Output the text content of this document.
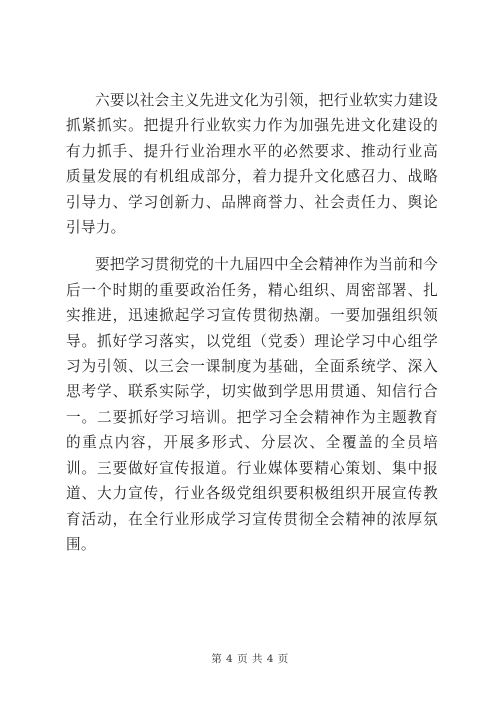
六要以社会主义先进文化为引领，把行业软实力建设抓紧抓实。把提升行业软实力作为加强先进文化建设的有力抓手、提升行业治理水平的必然要求、推动行业高质量发展的有机组成部分，着力提升文化感召力、战略引导力、学习创新力、品牌商誉力、社会责任力、舆论引导力。

要把学习贯彻党的十九届四中全会精神作为当前和今后一个时期的重要政治任务，精心组织、周密部署、扎实推进，迅速掀起学习宣传贯彻热潮。一要加强组织领导。抓好学习落实，以党组（党委）理论学习中心组学习为引领、以三会一课制度为基础，全面系统学、深入思考学、联系实际学，切实做到学思用贯通、知信行合一。二要抓好学习培训。把学习全会精神作为主题教育的重点内容，开展多形式、分层次、全覆盖的全员培训。三要做好宣传报道。行业媒体要精心策划、集中报道、大力宣传，行业各级党组织要积极组织开展宣传教育活动，在全行业形成学习宣传贯彻全会精神的浓厚氛围。

第 4 页 共 4 页
